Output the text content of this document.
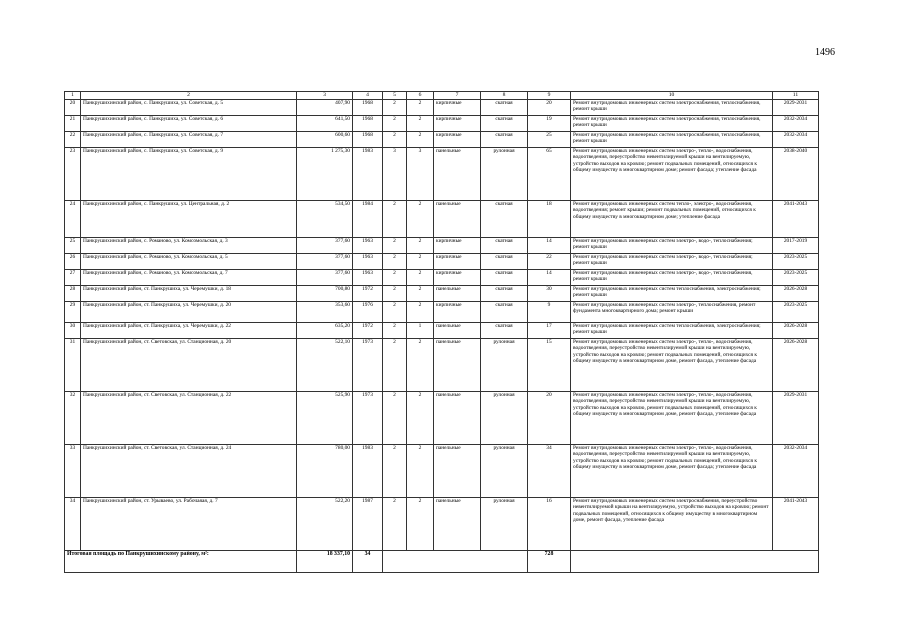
1496
1	2	3	4	5	6	7	8	9	10	11
20	Панкрушихинский район, с. Панкрушиха, ул. Советская, д. 5	407,90	1968	2	2	кирпичные	скатная	20	Ремонт внутридомовых инженерных систем электроснабжения, теплоснабжения, ремонт крыши	2029-2031
21	Панкрушихинский район, с. Панкрушиха, ул. Советская, д. 6	641,50	1968	2	2	кирпичные	скатная	19	Ремонт внутридомовых инженерных систем электроснабжения, теплоснабжения, ремонт крыши	2032-2034
22	Панкрушихинский район, с. Панкрушиха, ул. Советская, д. 7	600,60	1968	2	2	кирпичные	скатная	25	Ремонт внутридомовых инженерных систем электроснабжения, теплоснабжения, ремонт крыши	2032-2034
23	Панкрушихинский район, с. Панкрушиха, ул. Советская, д. 9	1 275,30	1983	3	3	панельные	рулонная	65	Ремонт внутридомовых инженерных систем электро-, тепло-, водоснабжения, водоотведения, переустройство невентилируемой крыши на вентилируемую, устройство выходов на кровлю; ремонт подвальных помещений, относящихся к общему имуществу в многоквартирном доме; ремонт фасада; утепление фасада	2038-2040
24	Панкрушихинский район, с. Панкрушиха, ул. Центральная, д. 2	534,50	1984	2	2	панельные	скатная	18	Ремонт внутридомовых инженерных систем тепло-, электро-, водоснабжения, водоотведения; ремонт крыши; ремонт подвальных помещений, относящихся к общему имуществу в многоквартирном доме; утепление фасада	2041-2043
25	Панкрушихинский район, с. Романово, ул. Комсомольская, д. 3	377,60	1963	2	2	кирпичные	скатная	14	Ремонт внутридомовых инженерных систем электро-, водо-, теплоснабжения; ремонт крыши	2017-2019
26	Панкрушихинский район, с. Романово, ул. Комсомольская, д. 5	377,60	1963	2	2	кирпичные	скатная	22	Ремонт внутридомовых инженерных систем электро-, водо-, теплоснабжения; ремонт крыши	2023-2025
27	Панкрушихинский район, с. Романово, ул. Комсомольская, д. 7	377,60	1963	2	2	кирпичные	скатная	14	Ремонт внутридомовых инженерных систем электро-, водо-, теплоснабжения, ремонт крыши	2023-2025
28	Панкрушихинский район, ст. Панкрушиха, ул. Черемушки, д. 18	700,80	1972	2	2	панельные	скатная	30	Ремонт внутридомовых инженерных систем теплоснабжения, электроснабжения; ремонт крыши	2026-2028
29	Панкрушихинский район, ст. Панкрушиха, ул. Черемушки, д. 20	353,60	1976	2	2	кирпичные	скатная	9	Ремонт внутридомовых инженерных систем электро-, теплоснабжения, ремонт фундамента многоквартирного дома; ремонт крыши	2023-2025
30	Панкрушихинский район, ст. Панкрушиха, ул. Черемушки, д. 22	635,20	1972	2	1	панельные	скатная	17	Ремонт внутридомовых инженерных систем теплоснабжения, электроснабжения; ремонт крыши	2026-2028
31	Панкрушихинский район, ст. Световская, ул. Станционная, д. 20	522,10	1973	2	2	панельные	рулонная	15	Ремонт внутридомовых инженерных систем электро-, тепло-, водоснабжения, водоотведения, переустройство невентилируемой крыши на вентилируемую, устройство выходов на кровлю; ремонт подвальных помещений, относящихся к общему имуществу в многоквартирном доме, ремонт фасада, утепление фасада	2026-2028
32	Панкрушихинский район, ст. Световская, ул. Станционная, д. 22	525,90	1973	2	2	панельные	рулонная	20	Ремонт внутридомовых инженерных систем электро-, тепло-, водоснабжения, водоотведения, переустройство невентилируемой крыши на вентилируемую, устройство выходов на кровлю, ремонт подвальных помещений, относящихся к общему имуществу в многоквартирном доме, ремонт фасада, утепление фасада	2029-2031
33	Панкрушихинский район, ст. Световская, ул. Станционная, д. 24	780,00	1983	2	2	панельные	рулонная	34	Ремонт внутридомовых инженерных систем электро-, тепло-, водоснабжения, водоотведения, переустройство невентилируемой крыши на вентилируемую, устройство выходов на кровлю; ремонт подвальных помещений, относящихся к общему имуществу в многоквартирном доме, ремонт фасада; утепление фасада	2032-2034
34	Панкрушихинский район, ст. Урываево, ул. Рабочаяая, д. 7	522,20	1987	2	2	панельные	рулонная	16	Ремонт внутридомовых инженерных систем электроснабжения, переустройство невентилируемой крыши на вентилируемую, устройство выходов на кровлю; ремонт подвальных помещений, относящихся к общему имуществу в многоквартирном доме, ремонт фасада, утепление фасада	2041-2043
Итоговая площадь по Панкрушихинскому району, м²:		18 337,10	34					728		
